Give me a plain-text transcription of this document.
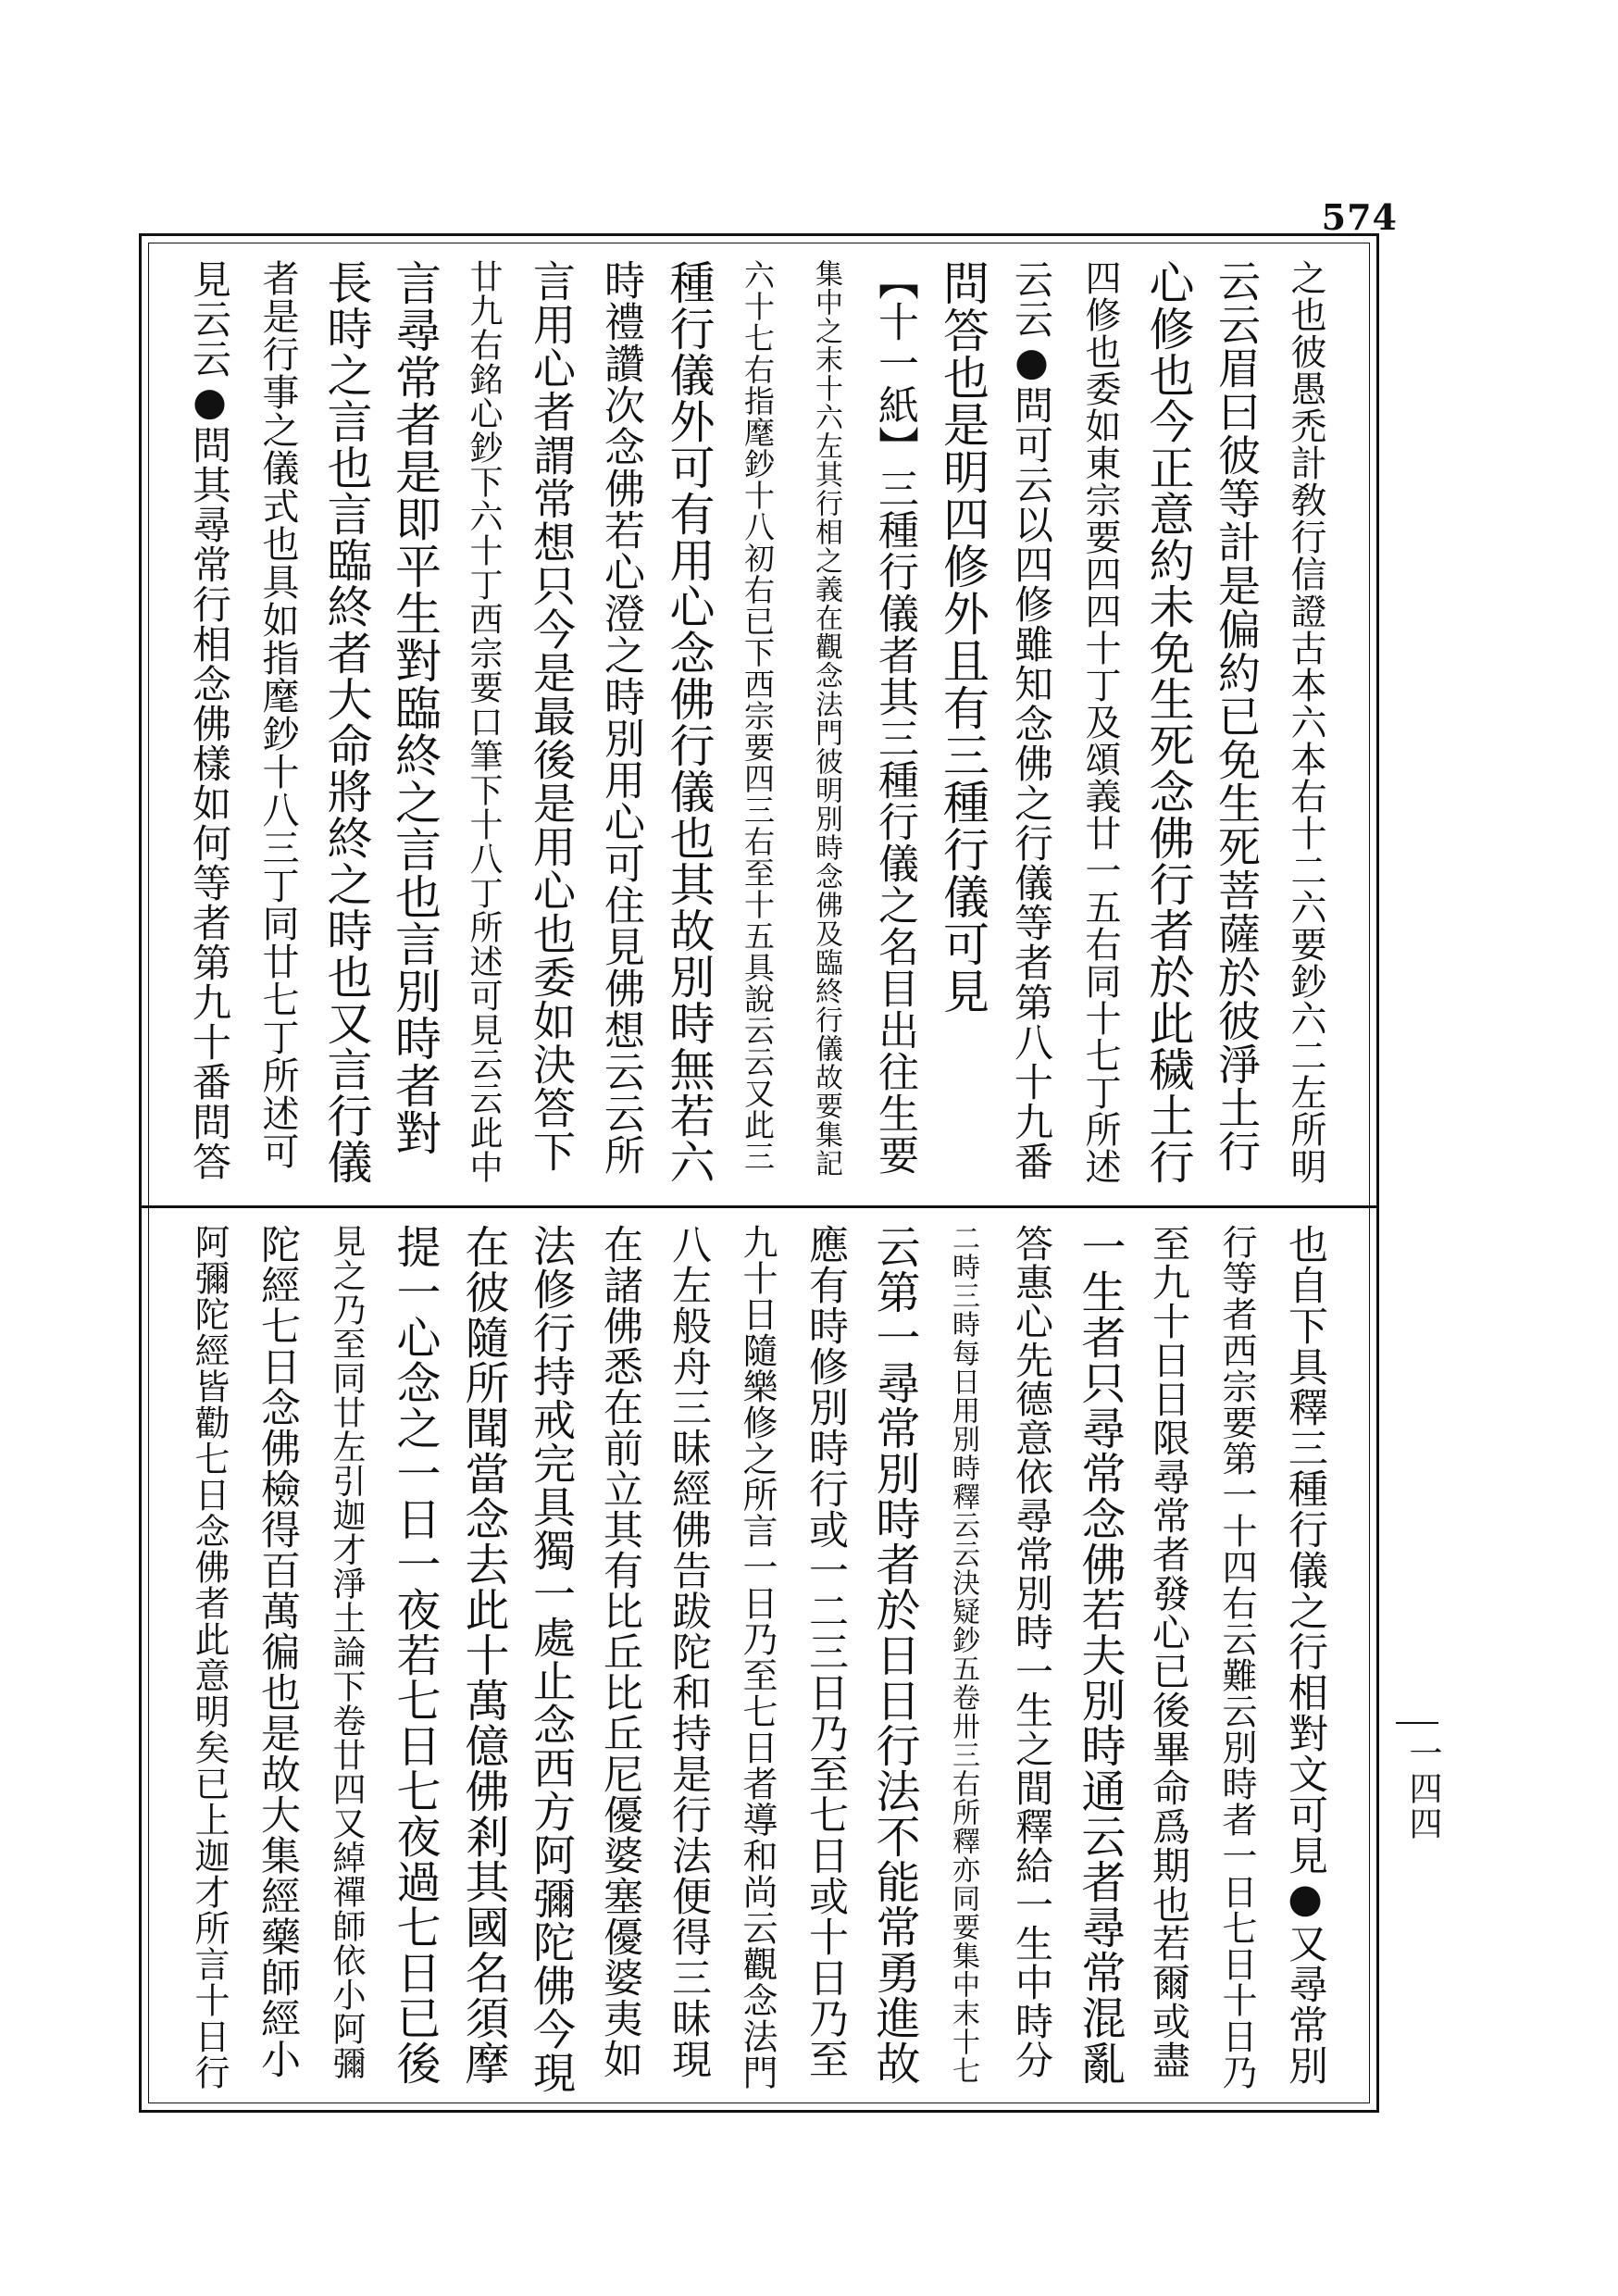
574
一四四
之也彼愚禿計敎行信證古本六本右十二六要鈔六二左所明
云云眉曰彼等計是偏約已免生死菩薩於彼淨土行
心修也今正意約未免生死念佛行者於此穢土行
四修也委如東宗要四四十丁及頌義廿一五右同十七丁所述
云云●問可云以四修雖知念佛之行儀等者第八十九番
問答也是明四修外且有三種行儀可見
【十一紙】三種行儀者其三種行儀之名目出往生要
集中之末十六左其行相之義在觀念法門彼明別時念佛及臨終行儀故要集記
六十七右指麾鈔十八初右已下西宗要四三右至十五具說云云又此三
種行儀外可有用心念佛行儀也其故別時無若六
時禮讚次念佛若心澄之時別用心可住見佛想云云所
言用心者謂常想只今是最後是用心也委如決答下
廿九右銘心鈔下六十丁西宗要口筆下十八丁所述可見云云此中
言尋常者是即平生對臨終之言也言別時者對
長時之言也言臨終者大命將終之時也又言行儀
者是行事之儀式也具如指麾鈔十八三丁同廿七丁所述可
見云云●問其尋常行相念佛樣如何等者第九十番問答
也自下具釋三種行儀之行相對文可見●又尋常別
行等者西宗要第一十四右云難云別時者一日七日十日乃
至九十日日限尋常者發心已後畢命爲期也若爾或盡
一生者只尋常念佛若夫別時通云者尋常混亂
答惠心先德意依尋常別時一生之間釋給一生中時分
二時三時每日用別時釋云云決疑鈔五卷卅三右所釋亦同要集中末十七
云第一尋常別時者於日日行法不能常勇進故
應有時修別時行或一二三日乃至七日或十日乃至
九十日隨樂修之所言一日乃至七日者導和尚云觀念法門
八左般舟三昧經佛告跋陀和持是行法便得三昧現
在諸佛悉在前立其有比丘比丘尼優婆塞優婆夷如
法修行持戒完具獨一處止念西方阿彌陀佛今現
在彼隨所聞當念去此十萬億佛剎其國名須摩
提一心念之一日一夜若七日七夜過七日已後
見之乃至同廿左引迦才淨土論下卷廿四又綽禪師依小阿彌
陀經七日念佛檢得百萬徧也是故大集經藥師經小
阿彌陀經皆勸七日念佛者此意明矣已上迦才所言十日行
